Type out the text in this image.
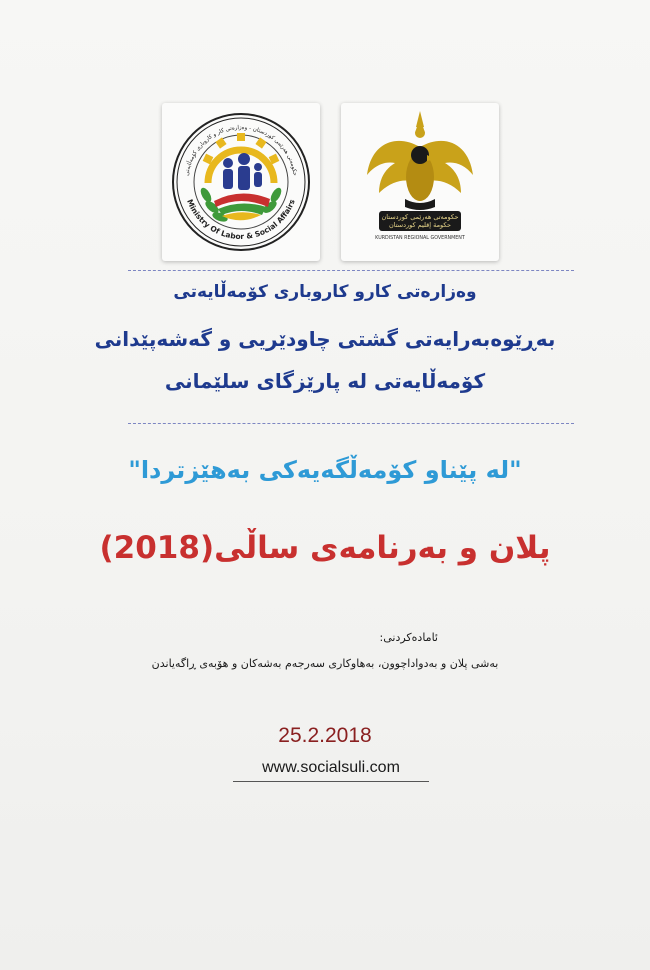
Ministry Of Labor & Social Affairs
حکومەتی هەرێمی کوردستان - وەزارەتی کار و کاروباری کۆمەڵایەتی
حکومەتی هەرێمی کوردستان
حكومة إقليم كوردستان
KURDISTAN REGIONAL GOVERNMENT
وەزارەتی کارو کاروباری کۆمەڵایەتی
بەڕێوەبەرایەتی گشتی چاودێریی و گەشەپێدانی
کۆمەڵایەتی لە پارێزگای سلێمانی
"لە پێناو کۆمەڵگەیەکی بەهێزتردا"
پلان و بەرنامەی ساڵی(2018)
ئامادەکردنی:
بەشی پلان و بەدواداچوون، بەهاوکاری سەرجەم بەشەکان و هۆبەی ڕاگەیاندن
25.2.2018
www.socialsuli.com
